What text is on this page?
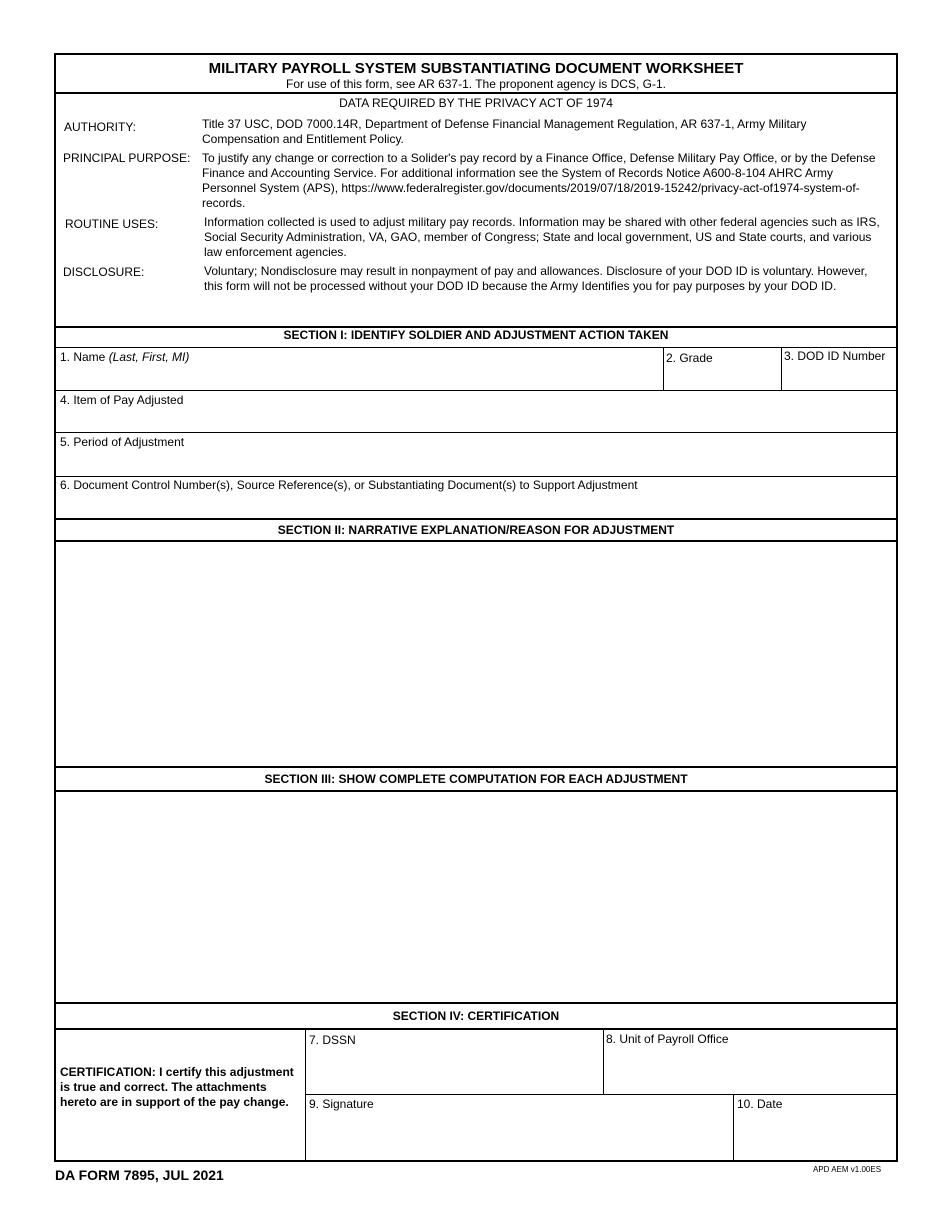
MILITARY PAYROLL SYSTEM SUBSTANTIATING DOCUMENT WORKSHEET
For use of this form, see AR 637-1. The proponent agency is DCS, G-1.
DATA REQUIRED BY THE PRIVACY ACT OF 1974
AUTHORITY:	Title 37 USC, DOD 7000.14R, Department of Defense Financial Management Regulation, AR 637-1, Army Military Compensation and Entitlement Policy.
PRINCIPAL PURPOSE: To justify any change or correction to a Solider's pay record by a Finance Office, Defense Military Pay Office, or by the Defense Finance and Accounting Service. For additional information see the System of Records Notice A600-8-104 AHRC Army Personnel System (APS), https://www.federalregister.gov/documents/2019/07/18/2019-15242/privacy-act-of1974-system-of-records.
ROUTINE USES:	Information collected is used to adjust military pay records. Information may be shared with other federal agencies such as IRS, Social Security Administration, VA, GAO, member of Congress; State and local government, US and State courts, and various law enforcement agencies.
DISCLOSURE:	Voluntary; Nondisclosure may result in nonpayment of pay and allowances. Disclosure of your DOD ID is voluntary. However, this form will not be processed without your DOD ID because the Army Identifies you for pay purposes by your DOD ID.
SECTION I: IDENTIFY SOLDIER AND ADJUSTMENT ACTION TAKEN
1. Name (Last, First, MI)	2. Grade	3. DOD ID Number
4. Item of Pay Adjusted
5. Period of Adjustment
6. Document Control Number(s), Source Reference(s), or Substantiating Document(s) to Support Adjustment
SECTION II: NARRATIVE EXPLANATION/REASON FOR ADJUSTMENT
SECTION III: SHOW COMPLETE COMPUTATION FOR EACH ADJUSTMENT
SECTION IV: CERTIFICATION
CERTIFICATION: I certify this adjustment is true and correct. The attachments hereto are in support of the pay change.
7. DSSN	8. Unit of Payroll Office
9. Signature	10. Date
DA FORM 7895, JUL 2021	APD AEM v1.00ES
